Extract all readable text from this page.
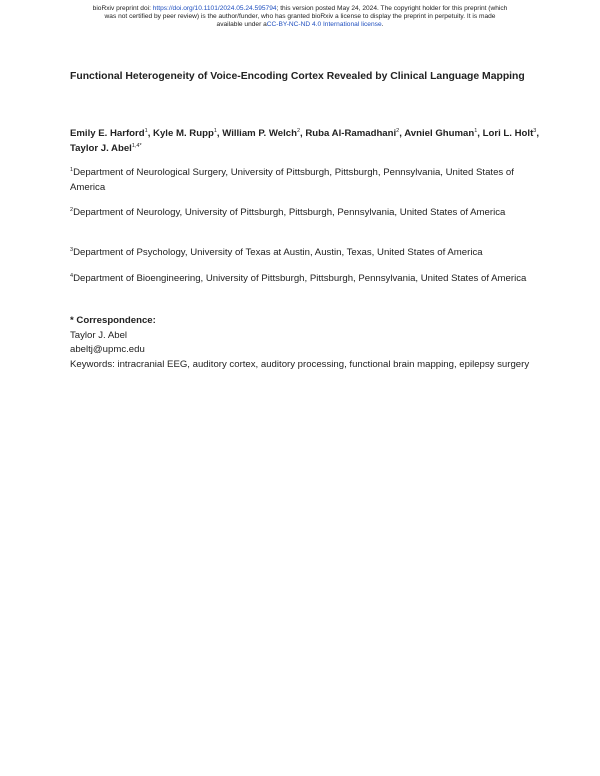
bioRxiv preprint doi: https://doi.org/10.1101/2024.05.24.595794; this version posted May 24, 2024. The copyright holder for this preprint (which
was not certified by peer review) is the author/funder, who has granted bioRxiv a license to display the preprint in perpetuity. It is made
available under aCC-BY-NC-ND 4.0 International license.
Functional Heterogeneity of Voice-Encoding Cortex Revealed by Clinical Language Mapping
Emily E. Harford$^1$, Kyle M. Rupp$^1$, William P. Welch$^2$, Ruba Al-Ramadhani$^2$, Avniel Ghuman$^1$, Lori L. Holt$^3$, Taylor J. Abel$^{1,4*}$
$^1$Department of Neurological Surgery, University of Pittsburgh, Pittsburgh, Pennsylvania, United States of America
$^2$Department of Neurology, University of Pittsburgh, Pittsburgh, Pennsylvania, United States of America
$^3$Department of Psychology, University of Texas at Austin, Austin, Texas, United States of America
$^4$Department of Bioengineering, University of Pittsburgh, Pittsburgh, Pennsylvania, United States of America
* Correspondence:
Taylor J. Abel
abeltj@upmc.edu
Keywords: intracranial EEG, auditory cortex, auditory processing, functional brain mapping, epilepsy surgery
